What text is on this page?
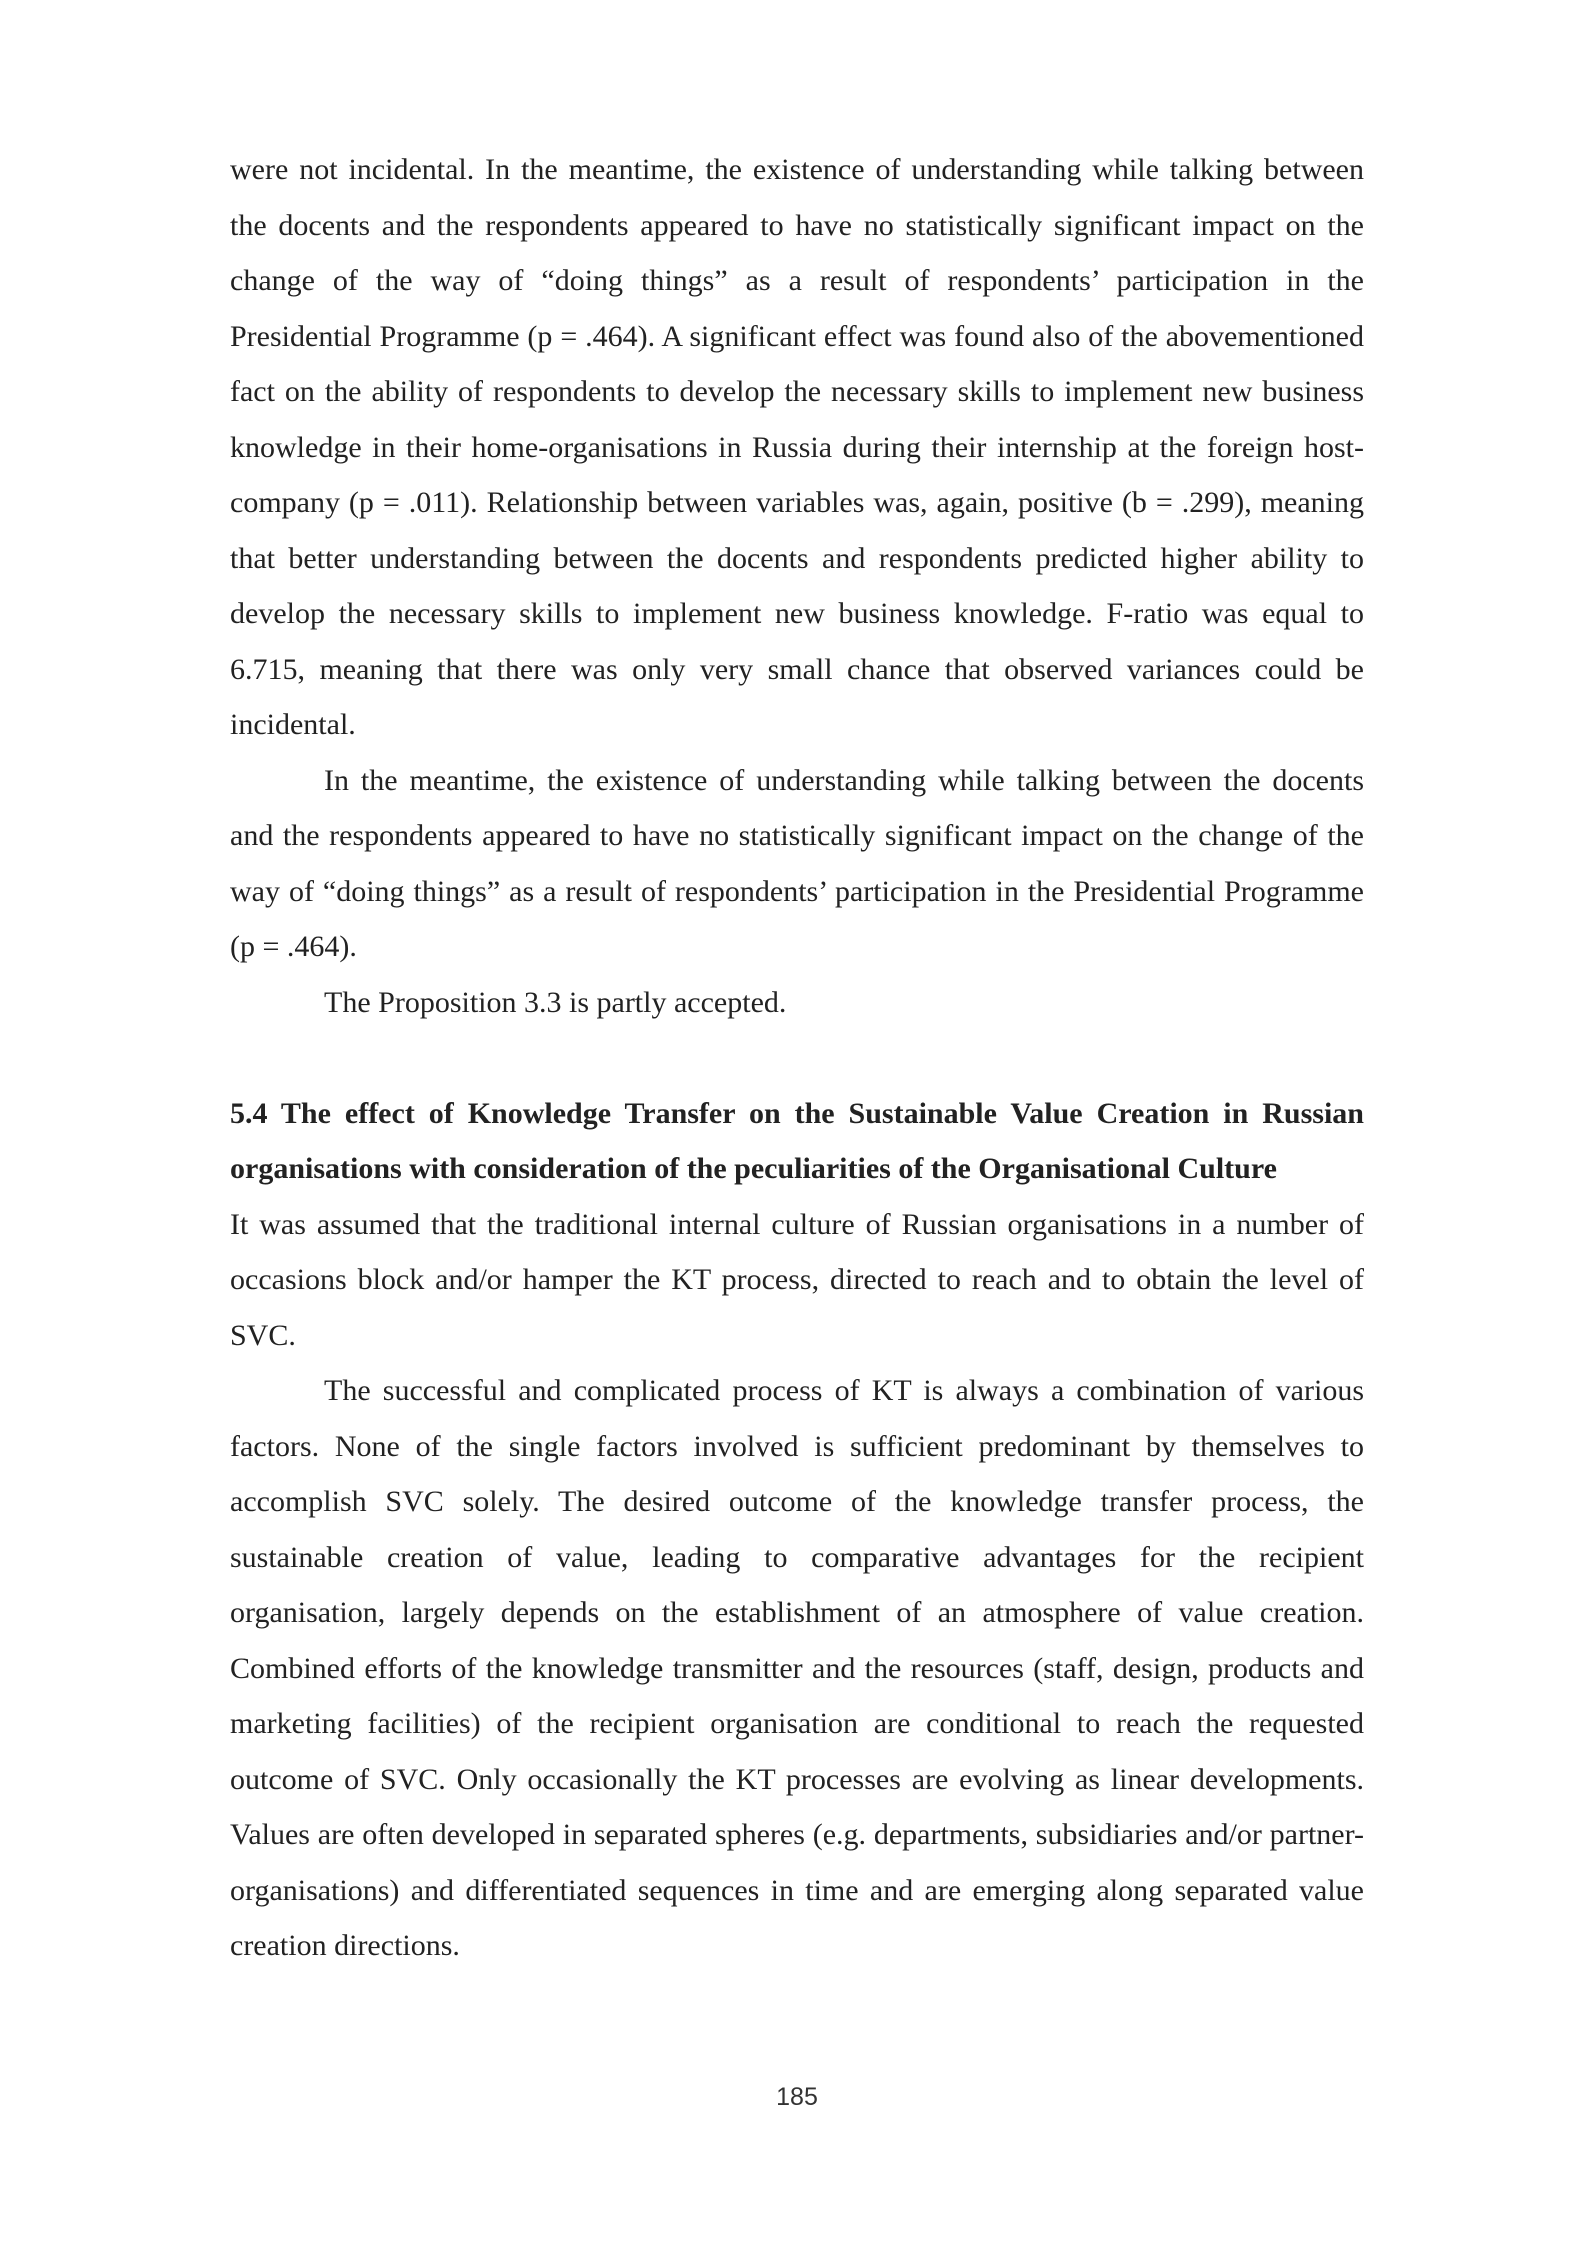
were not incidental. In the meantime, the existence of understanding while talking between the docents and the respondents appeared to have no statistically significant impact on the change of the way of “doing things” as a result of respondents’ participation in the Presidential Programme (p = .464). A significant effect was found also of the abovementioned fact on the ability of respondents to develop the necessary skills to implement new business knowledge in their home-organisations in Russia during their internship at the foreign host-company (p = .011). Relationship between variables was, again, positive (b = .299), meaning that better understanding between the docents and respondents predicted higher ability to develop the necessary skills to implement new business knowledge. F-ratio was equal to 6.715, meaning that there was only very small chance that observed variances could be incidental.

In the meantime, the existence of understanding while talking between the docents and the respondents appeared to have no statistically significant impact on the change of the way of “doing things” as a result of respondents’ participation in the Presidential Programme (p = .464).

The Proposition 3.3 is partly accepted.

5.4 The effect of Knowledge Transfer on the Sustainable Value Creation in Russian organisations with consideration of the peculiarities of the Organisational Culture

It was assumed that the traditional internal culture of Russian organisations in a number of occasions block and/or hamper the KT process, directed to reach and to obtain the level of SVC.

The successful and complicated process of KT is always a combination of various factors. None of the single factors involved is sufficient predominant by themselves to accomplish SVC solely. The desired outcome of the knowledge transfer process, the sustainable creation of value, leading to comparative advantages for the recipient organisation, largely depends on the establishment of an atmosphere of value creation. Combined efforts of the knowledge transmitter and the resources (staff, design, products and marketing facilities) of the recipient organisation are conditional to reach the requested outcome of SVC. Only occasionally the KT processes are evolving as linear developments. Values are often developed in separated spheres (e.g. departments, subsidiaries and/or partner-organisations) and differentiated sequences in time and are emerging along separated value creation directions.

185
